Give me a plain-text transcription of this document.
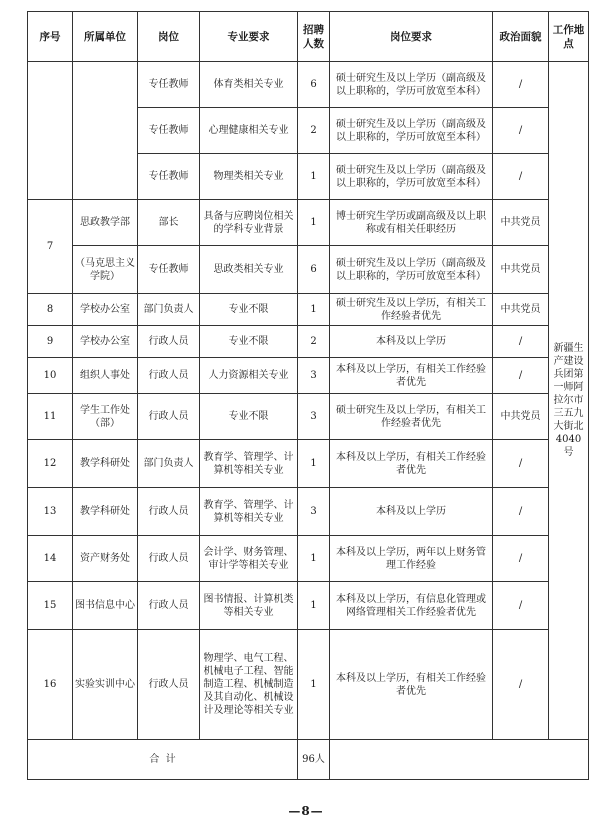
序号	所属单位	岗位	专业要求	招聘人数	岗位要求	政治面貌	工作地点
		专任教师	体育类相关专业	6	硕士研究生及以上学历（副高级及以上职称的，学历可放宽至本科）	/	新疆生产建设兵团第一师阿拉尔市三五九大街北4040号
		专任教师	心理健康相关专业	2	硕士研究生及以上学历（副高级及以上职称的，学历可放宽至本科）	/	
		专任教师	物理类相关专业	1	硕士研究生及以上学历（副高级及以上职称的，学历可放宽至本科）	/	
7	思政教学部	部长	具备与应聘岗位相关的学科专业背景	1	博士研究生学历或副高级及以上职称或有相关任职经历	中共党员	
	（马克思主义学院）	专任教师	思政类相关专业	6	硕士研究生及以上学历（副高级及以上职称的，学历可放宽至本科）	中共党员	
8	学校办公室	部门负责人	专业不限	1	硕士研究生及以上学历，有相关工作经验者优先	中共党员	
9	学校办公室	行政人员	专业不限	2	本科及以上学历	/	
10	组织人事处	行政人员	人力资源相关专业	3	本科及以上学历，有相关工作经验者优先	/	
11	学生工作处（部）	行政人员	专业不限	3	硕士研究生及以上学历，有相关工作经验者优先	中共党员	
12	教学科研处	部门负责人	教育学、管理学、计算机等相关专业	1	本科及以上学历，有相关工作经验者优先	/	
13	教学科研处	行政人员	教育学、管理学、计算机等相关专业	3	本科及以上学历	/	
14	资产财务处	行政人员	会计学、财务管理、审计学等相关专业	1	本科及以上学历，两年以上财务管理工作经验	/	
15	图书信息中心	行政人员	图书情报、计算机类等相关专业	1	本科及以上学历，有信息化管理或网络管理相关工作经验者优先	/	
16	实验实训中心	行政人员	物理学、电气工程、机械电子工程、智能制造工程、机械制造及其自动化、机械设计及理论等相关专业	1	本科及以上学历，有相关工作经验者优先	/	
合  计				96人			
—8—
